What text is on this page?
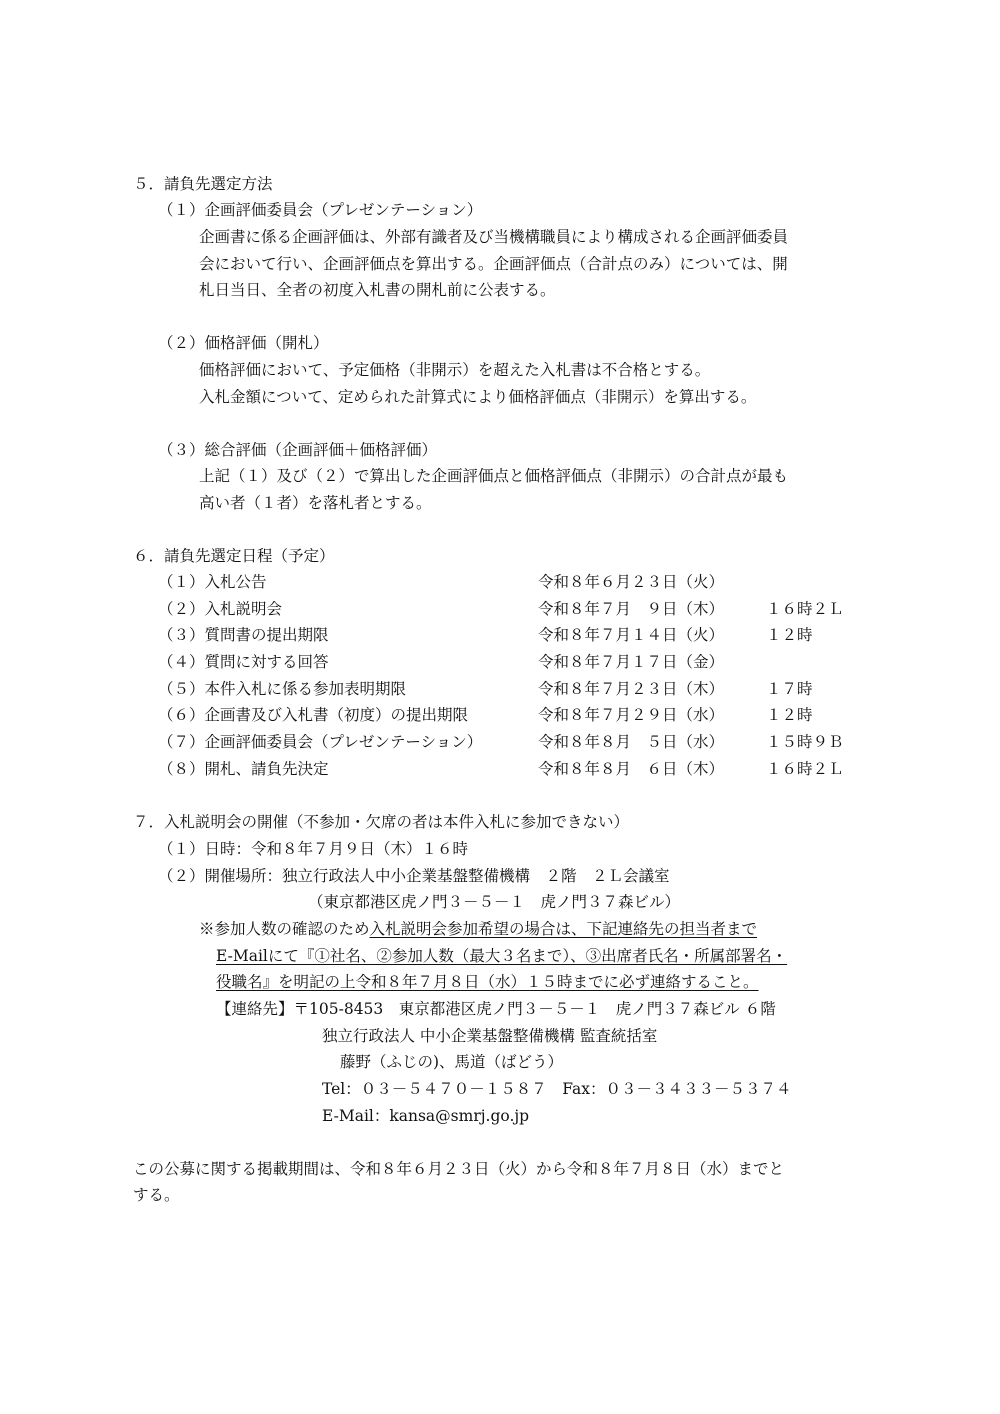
５．請負先選定方法
（１）企画評価委員会（プレゼンテーション）
企画書に係る企画評価は、外部有識者及び当機構職員により構成される企画評価委員
会において行い、企画評価点を算出する。企画評価点（合計点のみ）については、開
札日当日、全者の初度入札書の開札前に公表する。
（２）価格評価（開札）
価格評価において、予定価格（非開示）を超えた入札書は不合格とする。
入札金額について、定められた計算式により価格評価点（非開示）を算出する。
（３）総合評価（企画評価＋価格評価）
上記（１）及び（２）で算出した企画評価点と価格評価点（非開示）の合計点が最も
高い者（１者）を落札者とする。
６．請負先選定日程（予定）
（１）入札公告	令和８年６月２３日（火）
（２）入札説明会	令和８年７月　９日（木）	１６時２Ｌ
（３）質問書の提出期限	令和８年７月１４日（火）	１２時
（４）質問に対する回答	令和８年７月１７日（金）
（５）本件入札に係る参加表明期限	令和８年７月２３日（木）	１７時
（６）企画書及び入札書（初度）の提出期限	令和８年７月２９日（水）	１２時
（７）企画評価委員会（プレゼンテーション）	令和８年８月　５日（水）	１５時９Ｂ
（８）開札、請負先決定	令和８年８月　６日（木）	１６時２Ｌ
７．入札説明会の開催（不参加・欠席の者は本件入札に参加できない）
（１）日時：令和８年７月９日（木）１６時
（２）開催場所：独立行政法人中小企業基盤整備機構　２階　２Ｌ会議室
（東京都港区虎ノ門３－５－１　虎ノ門３７森ビル）
※参加人数の確認のため入札説明会参加希望の場合は、下記連絡先の担当者まで
E-Mailにて『①社名、②参加人数（最大３名まで）、③出席者氏名・所属部署名・
役職名』を明記の上令和８年７月８日（水）１５時までに必ず連絡すること。
【連絡先】〒105-8453　東京都港区虎ノ門３－５－１　虎ノ門３７森ビル ６階
独立行政法人 中小企業基盤整備機構 監査統括室
藤野（ふじの)、馬道（ばどう）
Tel：０３－５４７０－１５８７　Fax：０３－３４３３－５３７４
E-Mail：kansa@smrj.go.jp
この公募に関する掲載期間は、令和８年６月２３日（火）から令和８年７月８日（水）までと
する。
